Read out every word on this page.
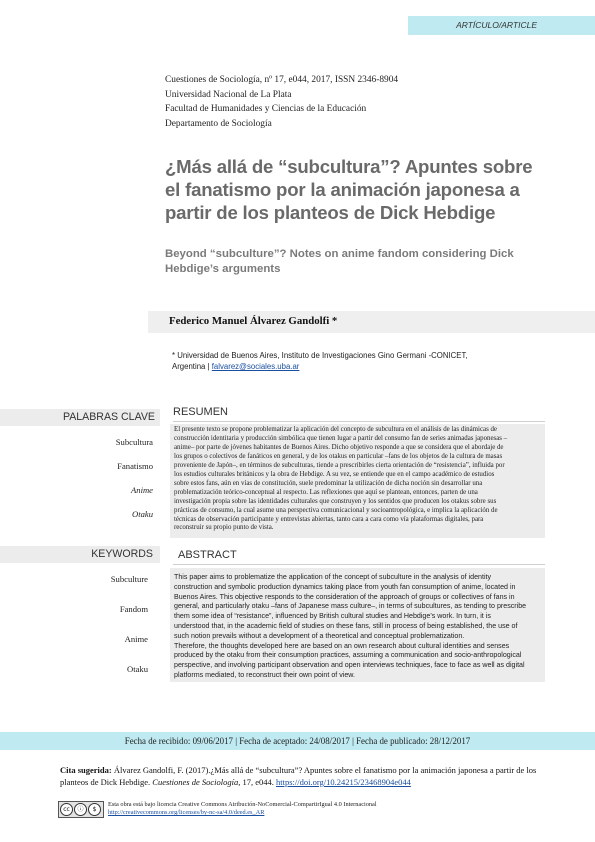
ARTÍCULO/ARTICLE
Cuestiones de Sociología, nº 17, e044, 2017, ISSN 2346-8904
Universidad Nacional de La Plata
Facultad de Humanidades y Ciencias de la Educación
Departamento de Sociología
¿Más allá de “subcultura”? Apuntes sobre
el fanatismo por la animación japonesa a
partir de los planteos de Dick Hebdige
Beyond “subculture”? Notes on anime fandom considering Dick
Hebdige’s arguments
Federico Manuel Álvarez Gandolfi *
* Universidad de Buenos Aires, Instituto de Investigaciones Gino Germani -CONICET,
Argentina | falvarez@sociales.uba.ar
PALABRAS CLAVE
Subcultura
Fanatismo
Anime
Otaku
RESUMEN
El presente texto se propone problematizar la aplicación del concepto de subcultura en el análisis de las dinámicas de
construcción identitaria y producción simbólica que tienen lugar a partir del consumo fan de series animadas japonesas –
anime– por parte de jóvenes habitantes de Buenos Aires. Dicho objetivo responde a que se considera que el abordaje de
los grupos o colectivos de fanáticos en general, y de los otakus en particular –fans de los objetos de la cultura de masas
proveniente de Japón–, en términos de subculturas, tiende a prescribirles cierta orientación de “resistencia”, influida por
los estudios culturales británicos y la obra de Hebdige. A su vez, se entiende que en el campo académico de estudios
sobre estos fans, aún en vías de constitución, suele predominar la utilización de dicha noción sin desarrollar una
problematización teórico-conceptual al respecto. Las reflexiones que aquí se plantean, entonces, parten de una
investigación propia sobre las identidades culturales que construyen y los sentidos que producen los otakus sobre sus
prácticas de consumo, la cual asume una perspectiva comunicacional y socioantropológica, e implica la aplicación de
técnicas de observación participante y entrevistas abiertas, tanto cara a cara como vía plataformas digitales, para
reconstruir su propio punto de vista.
KEYWORDS
Subculture
Fandom
Anime
Otaku
ABSTRACT
This paper aims to problematize the application of the concept of subculture in the analysis of identity
construction and symbolic production dynamics taking place from youth fan consumption of anime, located in
Buenos Aires. This objective responds to the consideration of the approach of groups or collectives of fans in
general, and particularly otaku –fans of Japanese mass culture–, in terms of subcultures, as tending to prescribe
them some idea of “resistance”, influenced by British cultural studies and Hebdige’s work. In turn, it is
understood that, in the academic field of studies on these fans, still in process of being established, the use of
such notion prevails without a development of a theoretical and conceptual problematization.
Therefore, the thoughts developed here are based on an own research about cultural identities and senses
produced by the otaku from their consumption practices, assuming a communication and socio-anthropological
perspective, and involving participant observation and open interviews techniques, face to face as well as digital
platforms mediated, to reconstruct their own point of view.
Fecha de recibido: 09/06/2017 | Fecha de aceptado: 24/08/2017 | Fecha de publicado: 28/12/2017
Cita sugerida: Álvarez Gandolfi, F. (2017).¿Más allá de “subcultura”? Apuntes sobre el fanatismo por la animación japonesa a partir de los planteos de Dick Hebdige. Cuestiones de Sociología, 17, e044. https://doi.org/10.24215/23468904e044
cc	ⓘ	$
Esta obra está bajo licencia Creative Commons Atribución-NoComercial-CompartirIgual 4.0 Internacional
http://creativecommons.org/licenses/by-nc-sa/4.0/deed.es_AR
